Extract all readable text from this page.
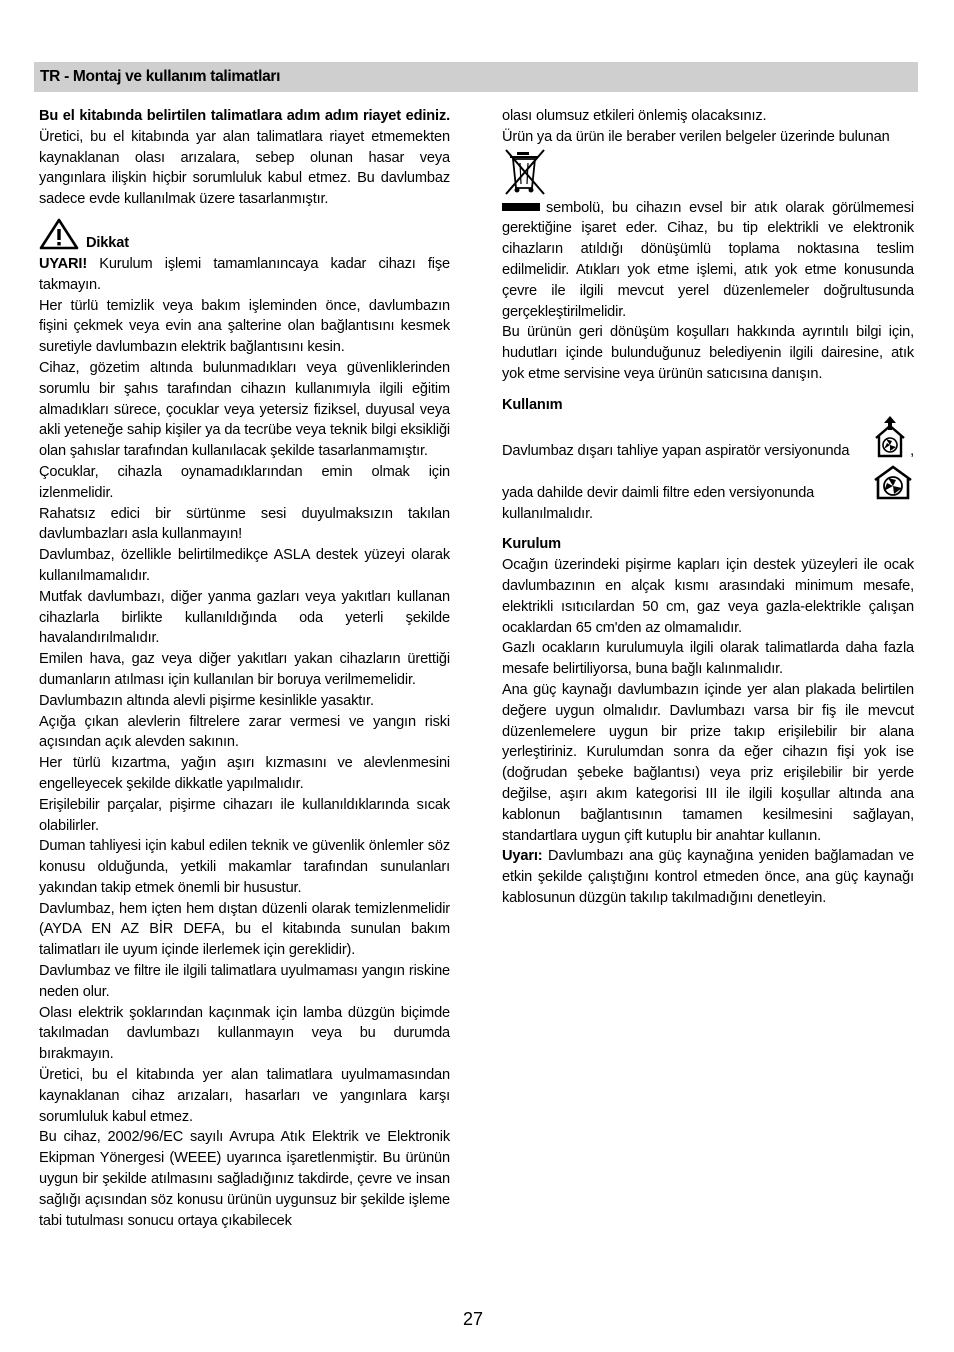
TR - Montaj ve kullanım talimatları

Bu el kitabında belirtilen talimatlara adım adım riayet ediniz. Üretici, bu el kitabında yar alan talimatlara riayet etmemekten kaynaklanan olası arızalara, sebep olunan hasar veya yangınlara ilişkin hiçbir sorumluluk kabul etmez. Bu davlumbaz sadece evde kullanılmak üzere tasarlanmıştır.

Dikkat

UYARI! Kurulum işlemi tamamlanıncaya kadar cihazı fişe takmayın.

Her türlü temizlik veya bakım işleminden önce, davlumbazın fişini çekmek veya evin ana şalterine olan bağlantısını kesmek suretiyle davlumbazın elektrik bağlantısını kesin.

Cihaz, gözetim altında bulunmadıkları veya güvenliklerinden sorumlu bir şahıs tarafından cihazın kullanımıyla ilgili eğitim almadıkları sürece, çocuklar veya yetersiz fiziksel, duyusal veya akli yeteneğe sahip kişiler ya da tecrübe veya teknik bilgi eksikliği olan şahıslar tarafından kullanılacak şekilde tasarlanmamıştır.

Çocuklar, cihazla oynamadıklarından emin olmak için izlenmelidir.

Rahatsız edici bir sürtünme sesi duyulmaksızın takılan davlumbazları asla kullanmayın!

Davlumbaz, özellikle belirtilmedikçe ASLA destek yüzeyi olarak kullanılmamalıdır.

Mutfak davlumbazı, diğer yanma gazları veya yakıtları kullanan cihazlarla birlikte kullanıldığında oda yeterli şekilde havalandırılmalıdır.

Emilen hava, gaz veya diğer yakıtları yakan cihazların ürettiği dumanların atılması için kullanılan bir boruya verilmemelidir.

Davlumbazın altında alevli pişirme kesinlikle yasaktır.

Açığa çıkan alevlerin filtrelere zarar vermesi ve yangın riski açısından açık alevden sakının.

Her türlü kızartma, yağın aşırı kızmasını ve alevlenmesini engelleyecek şekilde dikkatle yapılmalıdır.

Erişilebilir parçalar, pişirme cihazarı ile kullanıldıklarında sıcak olabilirler.

Duman tahliyesi için kabul edilen teknik ve güvenlik önlemler söz konusu olduğunda, yetkili makamlar tarafından sunulanları yakından takip etmek önemli bir husustur.

Davlumbaz, hem içten hem dıştan düzenli olarak temizlenmelidir (AYDA EN AZ BİR DEFA, bu el kitabında sunulan bakım talimatları ile uyum içinde ilerlemek için gereklidir).

Davlumbaz ve filtre ile ilgili talimatlara uyulmaması yangın riskine neden olur.

Olası elektrik şoklarından kaçınmak için lamba düzgün biçimde takılmadan davlumbazı kullanmayın veya bu durumda bırakmayın.

Üretici, bu el kitabında yer alan talimatlara uyulmamasından kaynaklanan cihaz arızaları, hasarları ve yangınlara karşı sorumluluk kabul etmez.

Bu cihaz, 2002/96/EC sayılı Avrupa Atık Elektrik ve Elektronik Ekipman Yönergesi (WEEE) uyarınca işaretlenmiştir. Bu ürünün uygun bir şekilde atılmasını sağladığınız takdirde, çevre ve insan sağlığı açısından söz konusu ürünün uygunsuz bir şekilde işleme tabi tutulması sonucu ortaya çıkabilecek

olası olumsuz etkileri önlemiş olacaksınız.

Ürün ya da ürün ile beraber verilen belgeler üzerinde bulunan

sembolü, bu cihazın evsel bir atık olarak görülmemesi gerektiğine işaret eder. Cihaz, bu tip elektrikli ve elektronik cihazların atıldığı dönüşümlü toplama noktasına teslim edilmelidir. Atıkları yok etme işlemi, atık yok etme konusunda çevre ile ilgili mevcut yerel düzenlemeler doğrultusunda gerçekleştirilmelidir.

Bu ürünün geri dönüşüm koşulları hakkında ayrıntılı bilgi için, hudutları içinde bulunduğunuz belediyenin ilgili dairesine, atık yok etme servisine veya ürünün satıcısına danışın.

Kullanım

Davlumbaz dışarı tahliye yapan aspiratör versiyonunda	,
yada dahilde devir daimli filtre eden versiyonunda

kullanılmalıdır.

Kurulum

Ocağın üzerindeki pişirme kapları için destek yüzeyleri ile ocak davlumbazının en alçak kısmı arasındaki minimum mesafe, elektrikli ısıtıcılardan 50 cm, gaz veya gazla-elektrikle çalışan ocaklardan 65 cm'den az olmamalıdır.

Gazlı ocakların kurulumuyla ilgili olarak talimatlarda daha fazla mesafe belirtiliyorsa, buna bağlı kalınmalıdır.

Ana güç kaynağı davlumbazın içinde yer alan plakada belirtilen değere uygun olmalıdır. Davlumbazı varsa bir fiş ile mevcut düzenlemelere uygun bir prize takıp erişilebilir bir alana yerleştiriniz. Kurulumdan sonra da eğer cihazın fişi yok ise (doğrudan şebeke bağlantısı) veya priz erişilebilir bir yerde değilse, aşırı akım kategorisi III ile ilgili koşullar altında ana kablonun bağlantısının tamamen kesilmesini sağlayan, standartlara uygun çift kutuplu bir anahtar kullanın.

Uyarı: Davlumbazı ana güç kaynağına yeniden bağlamadan ve etkin şekilde çalıştığını kontrol etmeden önce, ana güç kaynağı kablosunun düzgün takılıp takılmadığını denetleyin.

27
